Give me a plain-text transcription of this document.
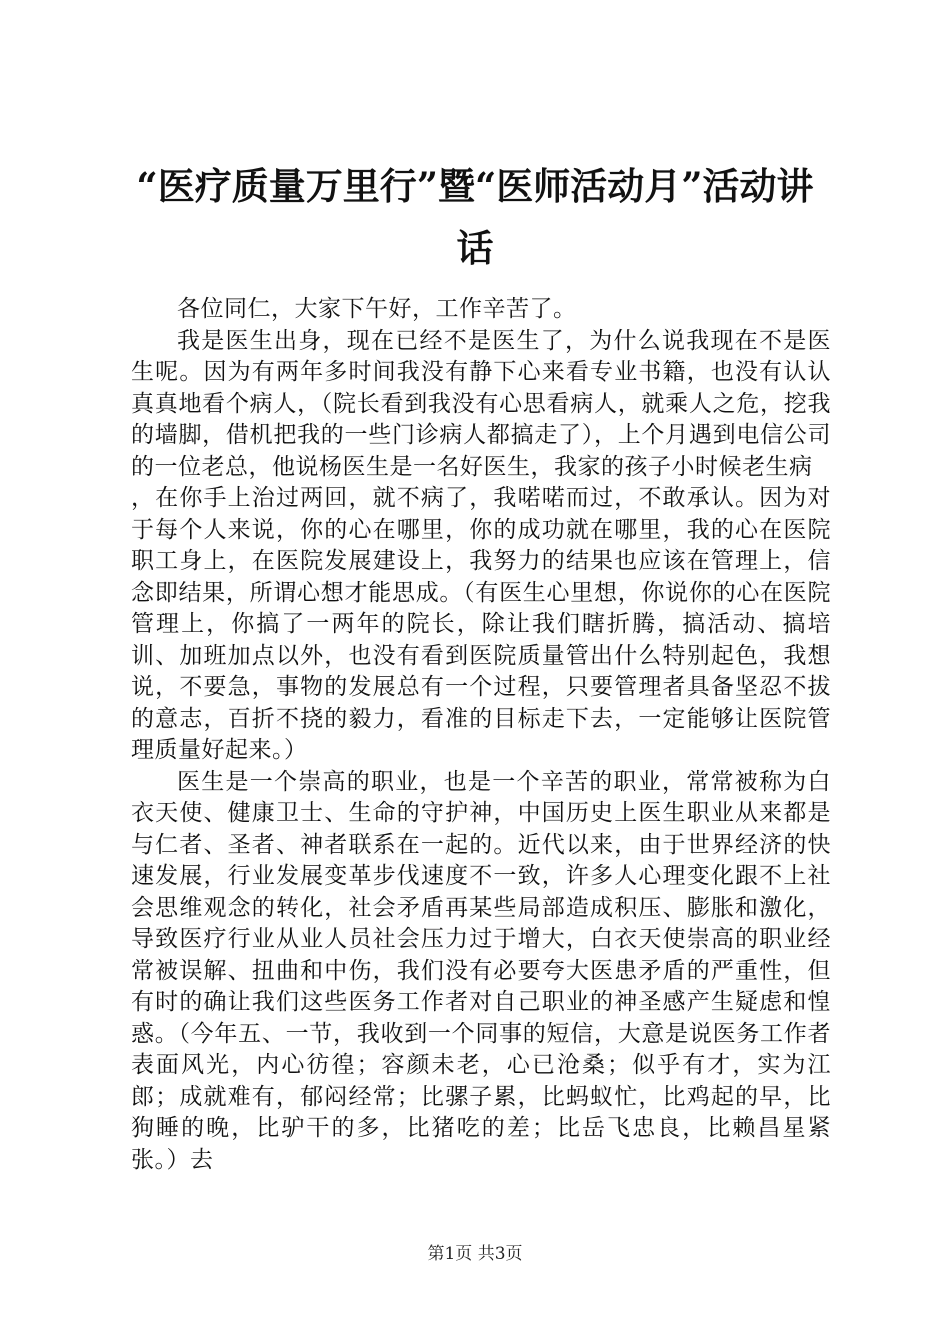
“医疗质量万里行”暨“医师活动月”活动讲
话

各位同仁，大家下午好，工作辛苦了。

我是医生出身，现在已经不是医生了，为什么说我现在不是医生呢。因为有两年多时间我没有静下心来看专业书籍，也没有认认真真地看个病人，（院长看到我没有心思看病人，就乘人之危，挖我的墙脚，借机把我的一些门诊病人都搞走了），上个月遇到电信公司的一位老总，他说杨医生是一名好医生，我家的孩子小时候老生病

，在你手上治过两回，就不病了，我喏喏而过，不敢承认。因为对于每个人来说，你的心在哪里，你的成功就在哪里，我的心在医院职工身上，在医院发展建设上，我努力的结果也应该在管理上，信念即结果，所谓心想才能思成。（有医生心里想，你说你的心在医院管理上，你搞了一两年的院长，除让我们瞎折腾，搞活动、搞培训、加班加点以外，也没有看到医院质量管出什么特别起色，我想说，不要急，事物的发展总有一个过程，只要管理者具备坚忍不拔的意志，百折不挠的毅力，看准的目标走下去，一定能够让医院管理质量好起来。）

医生是一个崇高的职业，也是一个辛苦的职业，常常被称为白衣天使、健康卫士、生命的守护神，中国历史上医生职业从来都是与仁者、圣者、神者联系在一起的。近代以来，由于世界经济的快速发展，行业发展变革步伐速度不一致，许多人心理变化跟不上社会思维观念的转化，社会矛盾再某些局部造成积压、膨胀和激化，导致医疗行业从业人员社会压力过于增大，白衣天使崇高的职业经常被误解、扭曲和中伤，我们没有必要夸大医患矛盾的严重性，但有时的确让我们这些医务工作者对自己职业的神圣感产生疑虑和惶惑。（今年五、一节，我收到一个同事的短信，大意是说医务工作者表面风光，内心彷徨；容颜未老，心已沧桑；似乎有才，实为江郎；成就难有，郁闷经常；比骡子累，比蚂蚁忙，比鸡起的早，比狗睡的晚，比驴干的多，比猪吃的差；比岳飞忠良，比赖昌星紧张。）去

第1页 共3页
